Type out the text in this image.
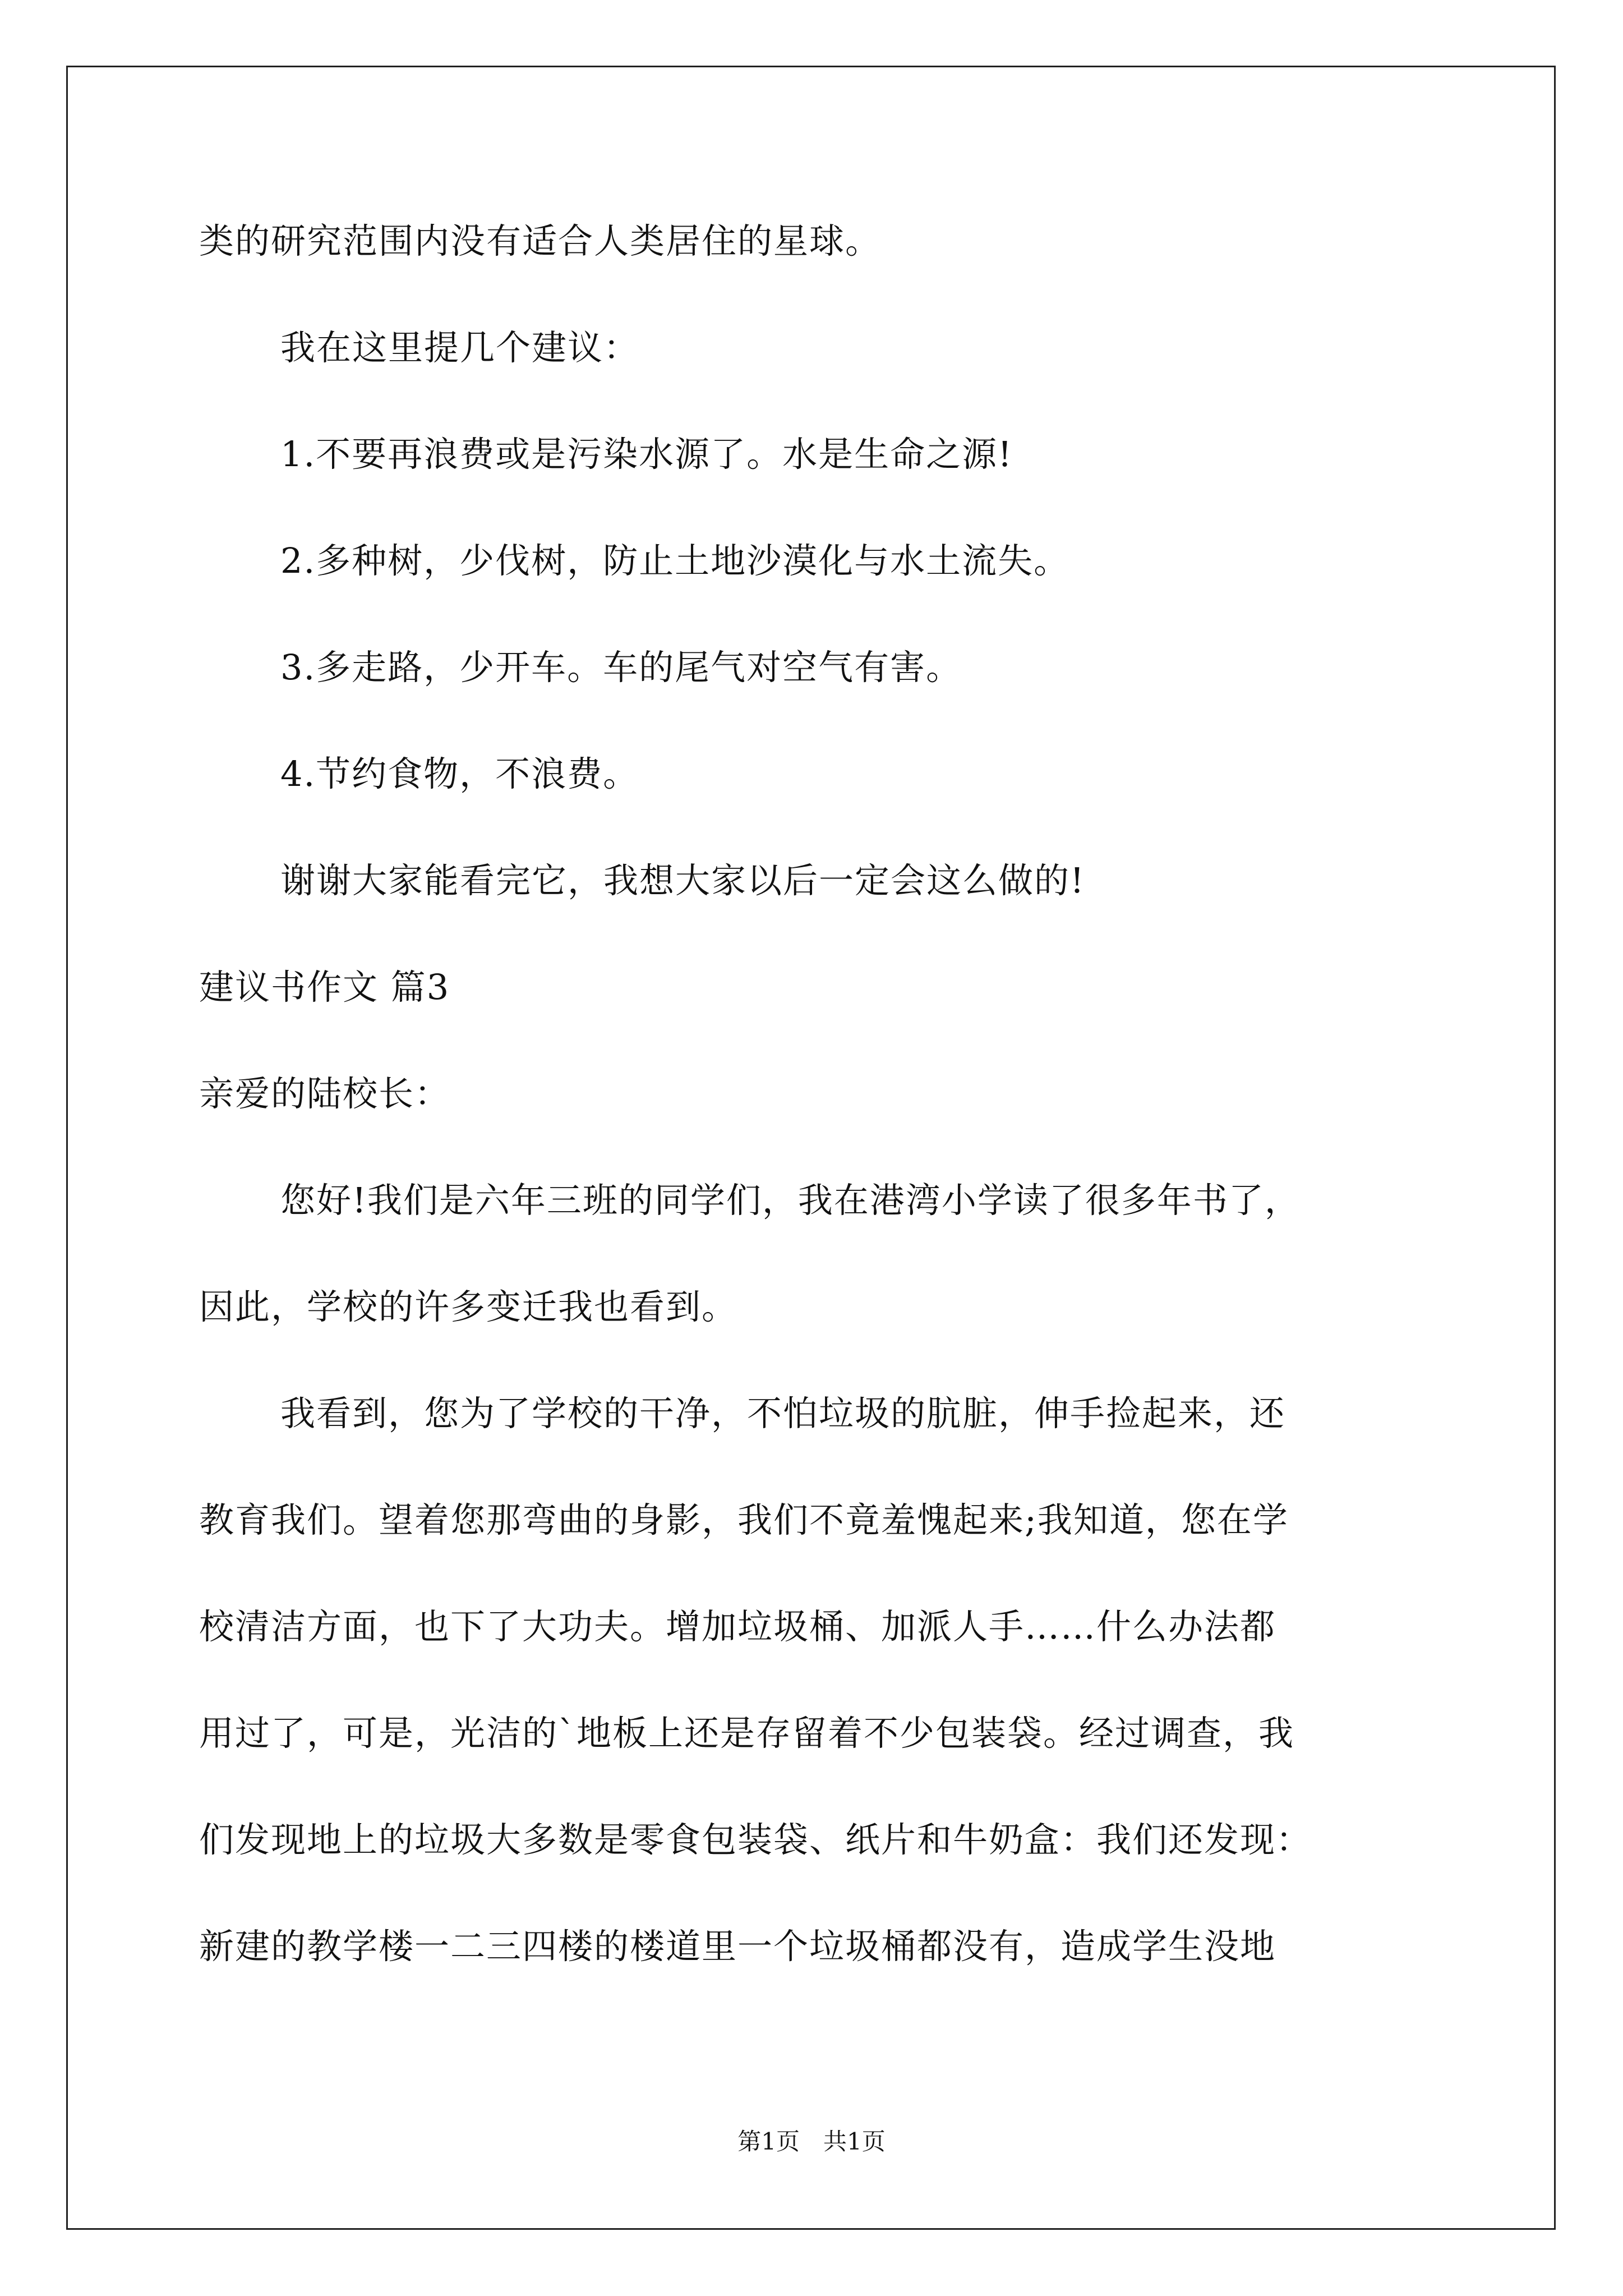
类的研究范围内没有适合人类居住的星球。
我在这里提几个建议：
1.不要再浪费或是污染水源了。水是生命之源!
2.多种树，少伐树，防止土地沙漠化与水土流失。
3.多走路，少开车。车的尾气对空气有害。
4.节约食物，不浪费。
谢谢大家能看完它，我想大家以后一定会这么做的!
建议书作文 篇3
亲爱的陆校长：
您好!我们是六年三班的同学们，我在港湾小学读了很多年书了，
因此，学校的许多变迁我也看到。
我看到，您为了学校的干净，不怕垃圾的肮脏，伸手捡起来，还
教育我们。望着您那弯曲的身影，我们不竟羞愧起来;我知道，您在学
校清洁方面，也下了大功夫。增加垃圾桶、加派人手……什么办法都
用过了，可是，光洁的`地板上还是存留着不少包装袋。经过调查，我
们发现地上的垃圾大多数是零食包装袋、纸片和牛奶盒：我们还发现：
新建的教学楼一二三四楼的楼道里一个垃圾桶都没有，造成学生没地
第1页　共1页
